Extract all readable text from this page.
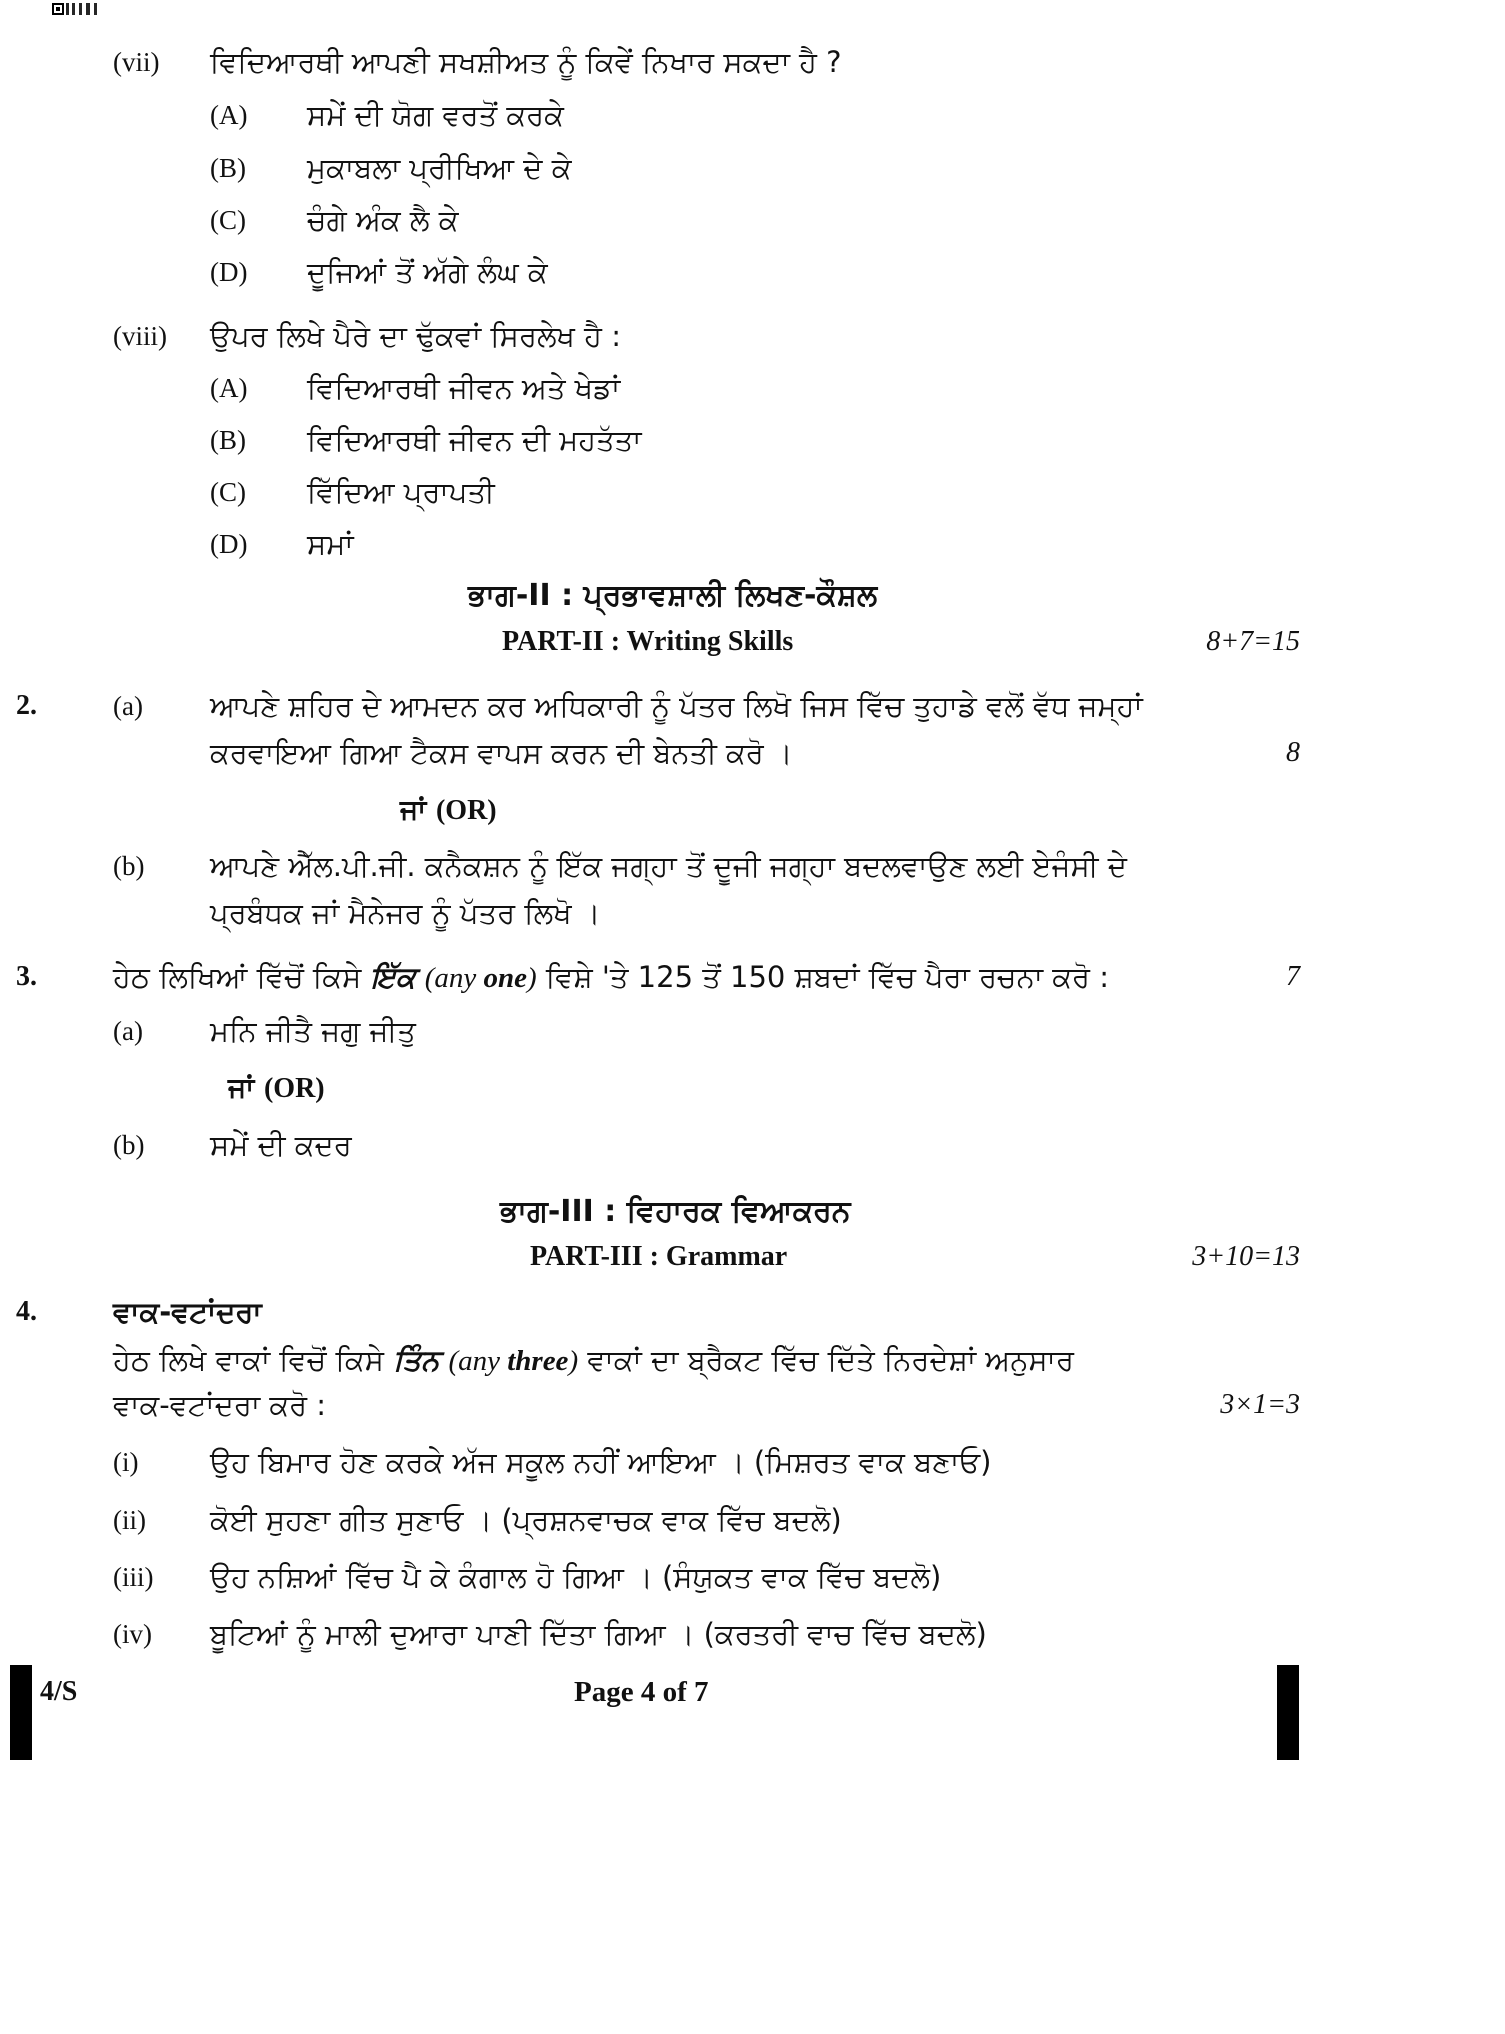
(vii) ਵਿਦਿਆਰਥੀ ਆਪਣੀ ਸਖਸ਼ੀਅਤ ਨੂੰ ਕਿਵੇਂ ਨਿਖਾਰ ਸਕਦਾ ਹੈ ?
(A) ਸਮੇਂ ਦੀ ਯੋਗ ਵਰਤੋਂ ਕਰਕੇ
(B) ਮੁਕਾਬਲਾ ਪ੍ਰੀਖਿਆ ਦੇ ਕੇ
(C) ਚੰਗੇ ਅੰਕ ਲੈ ਕੇ
(D) ਦੂਜਿਆਂ ਤੋਂ ਅੱਗੇ ਲੰਘ ਕੇ
(viii) ਉਪਰ ਲਿਖੇ ਪੈਰੇ ਦਾ ਢੁੱਕਵਾਂ ਸਿਰਲੇਖ ਹੈ :
(A) ਵਿਦਿਆਰਥੀ ਜੀਵਨ ਅਤੇ ਖੇਡਾਂ
(B) ਵਿਦਿਆਰਥੀ ਜੀਵਨ ਦੀ ਮਹਤੱਤਾ
(C) ਵਿੱਦਿਆ ਪ੍ਰਾਪਤੀ
(D) ਸਮਾਂ
ਭਾਗ-II : ਪ੍ਰਭਾਵਸ਼ਾਲੀ ਲਿਖਣ-ਕੌਸ਼ਲ
PART-II : Writing Skills	8+7=15
2.	(a) ਆਪਣੇ ਸ਼ਹਿਰ ਦੇ ਆਮਦਨ ਕਰ ਅਧਿਕਾਰੀ ਨੂੰ ਪੱਤਰ ਲਿਖੋ ਜਿਸ ਵਿੱਚ ਤੁਹਾਡੇ ਵਲੋਂ ਵੱਧ ਜਮ੍ਹਾਂ
ਕਰਵਾਇਆ ਗਿਆ ਟੈਕਸ ਵਾਪਸ ਕਰਨ ਦੀ ਬੇਨਤੀ ਕਰੋ ।	8
ਜਾਂ (OR)
(b) ਆਪਣੇ ਐੱਲ.ਪੀ.ਜੀ. ਕਨੈਕਸ਼ਨ ਨੂੰ ਇੱਕ ਜਗ੍ਹਾ ਤੋਂ ਦੂਜੀ ਜਗ੍ਹਾ ਬਦਲਵਾਉਣ ਲਈ ਏਜੰਸੀ ਦੇ
ਪ੍ਰਬੰਧਕ ਜਾਂ ਮੈਨੇਜਰ ਨੂੰ ਪੱਤਰ ਲਿਖੋ ।
3.	ਹੇਠ ਲਿਖਿਆਂ ਵਿੱਚੋਂ ਕਿਸੇ ਇੱਕ (any one) ਵਿਸ਼ੇ 'ਤੇ 125 ਤੋਂ 150 ਸ਼ਬਦਾਂ ਵਿੱਚ ਪੈਰਾ ਰਚਨਾ ਕਰੋ :	7
(a) ਮਨਿ ਜੀਤੈ ਜਗੁ ਜੀਤੁ
ਜਾਂ (OR)
(b) ਸਮੇਂ ਦੀ ਕਦਰ
ਭਾਗ-III : ਵਿਹਾਰਕ ਵਿਆਕਰਨ
PART-III : Grammar	3+10=13
4.	ਵਾਕ-ਵਟਾਂਦਰਾ
ਹੇਠ ਲਿਖੇ ਵਾਕਾਂ ਵਿਚੋਂ ਕਿਸੇ ਤਿੰਨ (any three) ਵਾਕਾਂ ਦਾ ਬ੍ਰੈਕਟ ਵਿੱਚ ਦਿੱਤੇ ਨਿਰਦੇਸ਼ਾਂ ਅਨੁਸਾਰ
ਵਾਕ-ਵਟਾਂਦਰਾ ਕਰੋ :	3×1=3
(i) ਉਹ ਬਿਮਾਰ ਹੋਣ ਕਰਕੇ ਅੱਜ ਸਕੂਲ ਨਹੀਂ ਆਇਆ । (ਮਿਸ਼ਰਤ ਵਾਕ ਬਣਾਓ)
(ii) ਕੋਈ ਸੁਹਣਾ ਗੀਤ ਸੁਣਾਓ । (ਪ੍ਰਸ਼ਨਵਾਚਕ ਵਾਕ ਵਿੱਚ ਬਦਲੋ)
(iii) ਉਹ ਨਸ਼ਿਆਂ ਵਿੱਚ ਪੈ ਕੇ ਕੰਗਾਲ ਹੋ ਗਿਆ । (ਸੰਯੁਕਤ ਵਾਕ ਵਿੱਚ ਬਦਲੋ)
(iv) ਬੂਟਿਆਂ ਨੂੰ ਮਾਲੀ ਦੁਆਰਾ ਪਾਣੀ ਦਿੱਤਾ ਗਿਆ । (ਕਰਤਰੀ ਵਾਚ ਵਿੱਚ ਬਦਲੋ)
4/S	Page 4 of 7
